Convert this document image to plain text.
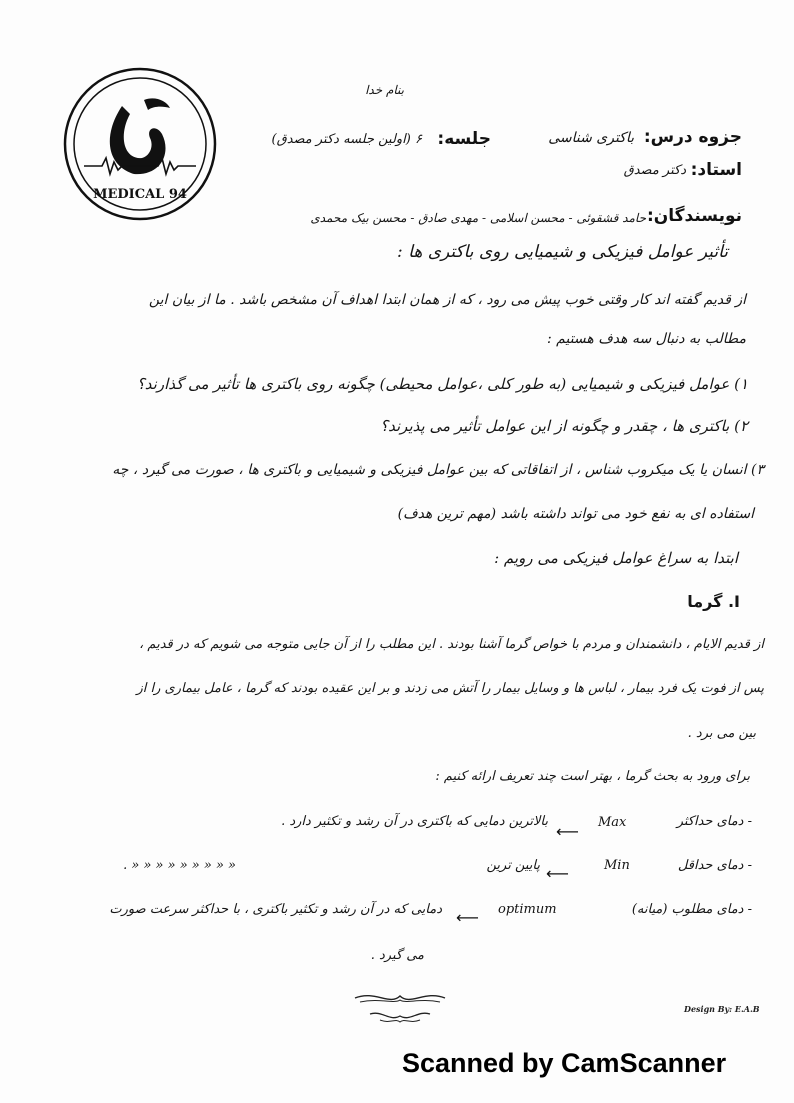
MEDICAL 94
بنام خدا
جزوه درس:
باکتری شناسی
جلسه:
۶ (اولین جلسه دکتر مصدق)
استاد:
دکتر مصدق
نویسندگان:
حامد قشقوئی - محسن اسلامی - مهدی صادق - محسن بیک محمدی
تأثیر عوامل فیزیکی و شیمیایی روی باکتری ها :
از قدیم گفته اند کار وقتی خوب پیش می رود ، که از همان ابتدا اهداف آن مشخص باشد . ما از بیان این
مطالب به دنبال سه هدف هستیم :
۱) عوامل فیزیکی و شیمیایی (به طور کلی ،عوامل محیطی) چگونه روی باکتری ها تأثیر می گذارند؟
۲) باکتری ها ، چقدر و چگونه از این عوامل تأثیر می پذیرند؟
۳) انسان یا یک میکروب شناس ، از اتفاقاتی که بین عوامل فیزیکی و شیمیایی و باکتری ها ، صورت می گیرد ، چه
استفاده ای به نفع خود می تواند داشته باشد (مهم ترین هدف)
ابتدا به سراغ عوامل فیزیکی می رویم :
I. گرما
از قدیم الایام ، دانشمندان و مردم با خواص گرما آشنا بودند . این مطلب را از آن جایی متوجه می شویم که در قدیم ،
پس از فوت یک فرد بیمار ، لباس ها و وسایل بیمار را آتش می زدند و بر این عقیده بودند که گرما ، عامل بیماری را از
بین می برد .
برای ورود به بحث گرما ، بهتر است چند تعریف ارائه کنیم :
- دمای حداکثر
Max
⟵
بالاترین دمایی که باکتری در آن رشد و تکثیر دارد .
- دمای حداقل
Min
⟵
پایین ترین
« « « « « « « « « .
- دمای مطلوب (میانه)
optimum
⟵
دمایی که در آن رشد و تکثیر باکتری ، با حداکثر سرعت صورت
می گیرد .
Design By: E.A.B
Scanned by CamScanner
